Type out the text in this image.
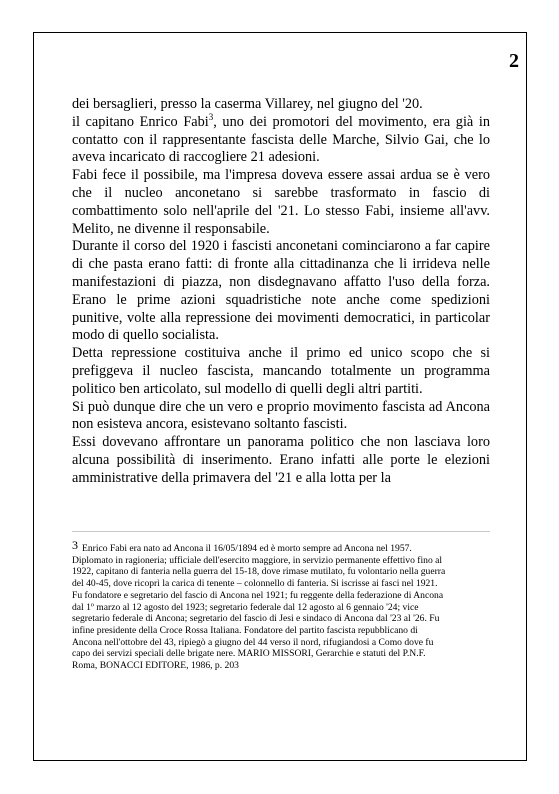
2

dei bersaglieri, presso la caserma Villarey, nel giugno del '20.

il capitano Enrico Fabi$^3$, uno dei promotori del movimento, era già in contatto con il rappresentante fascista delle Marche, Silvio Gai, che lo aveva incaricato di raccogliere 21 adesioni.

Fabi fece il possibile, ma l'impresa doveva essere assai ardua se è vero che il nucleo anconetano si sarebbe trasformato in fascio di combattimento solo nell'aprile del '21. Lo stesso Fabi, insieme all'avv. Melito, ne divenne il responsabile.

Durante il corso del 1920 i fascisti anconetani cominciarono a far capire di che pasta erano fatti: di fronte alla cittadinanza che li irrideva nelle manifestazioni di piazza, non disdegnavano affatto l'uso della forza. Erano le prime azioni squadristiche note anche come spedizioni punitive, volte alla repressione dei movimenti democratici, in particolar modo di quello socialista.

Detta repressione costituiva anche il primo ed unico scopo che si prefiggeva il nucleo fascista, mancando totalmente un programma politico ben articolato, sul modello di quelli degli altri partiti.

Si può dunque dire che un vero e proprio movimento fascista ad Ancona non esisteva ancora, esistevano soltanto fascisti.

Essi dovevano affrontare un panorama politico che non lasciava loro alcuna possibilità di inserimento. Erano infatti alle porte le elezioni amministrative della primavera del '21 e alla lotta per la

3 Enrico Fabi era nato ad Ancona il 16/05/1894 ed è morto sempre ad Ancona nel 1957.
Diplomato in ragioneria; ufficiale dell'esercito maggiore, in servizio permanente effettivo fino al
1922, capitano di fanteria nella guerra del 15-18, dove rimase mutilato, fu volontario nella guerra
del 40-45, dove ricoprì la carica di tenente – colonnello di fanteria. Si iscrisse ai fasci nel 1921.
Fu fondatore e segretario del fascio di Ancona nel 1921; fu reggente della federazione di Ancona
dal 1º marzo al 12 agosto del 1923; segretario federale dal 12 agosto al 6 gennaio '24; vice
segretario federale di Ancona; segretario del fascio di Jesi e sindaco di Ancona dal '23 al '26. Fu
infine presidente della Croce Rossa Italiana. Fondatore del partito fascista repubblicano di
Ancona nell'ottobre del 43, ripiegò a giugno del 44 verso il nord, rifugiandosi a Como dove fu
capo dei servizi speciali delle brigate nere. MARIO MISSORI, Gerarchie e statuti del P.N.F.
Roma, BONACCI EDITORE, 1986, p. 203
